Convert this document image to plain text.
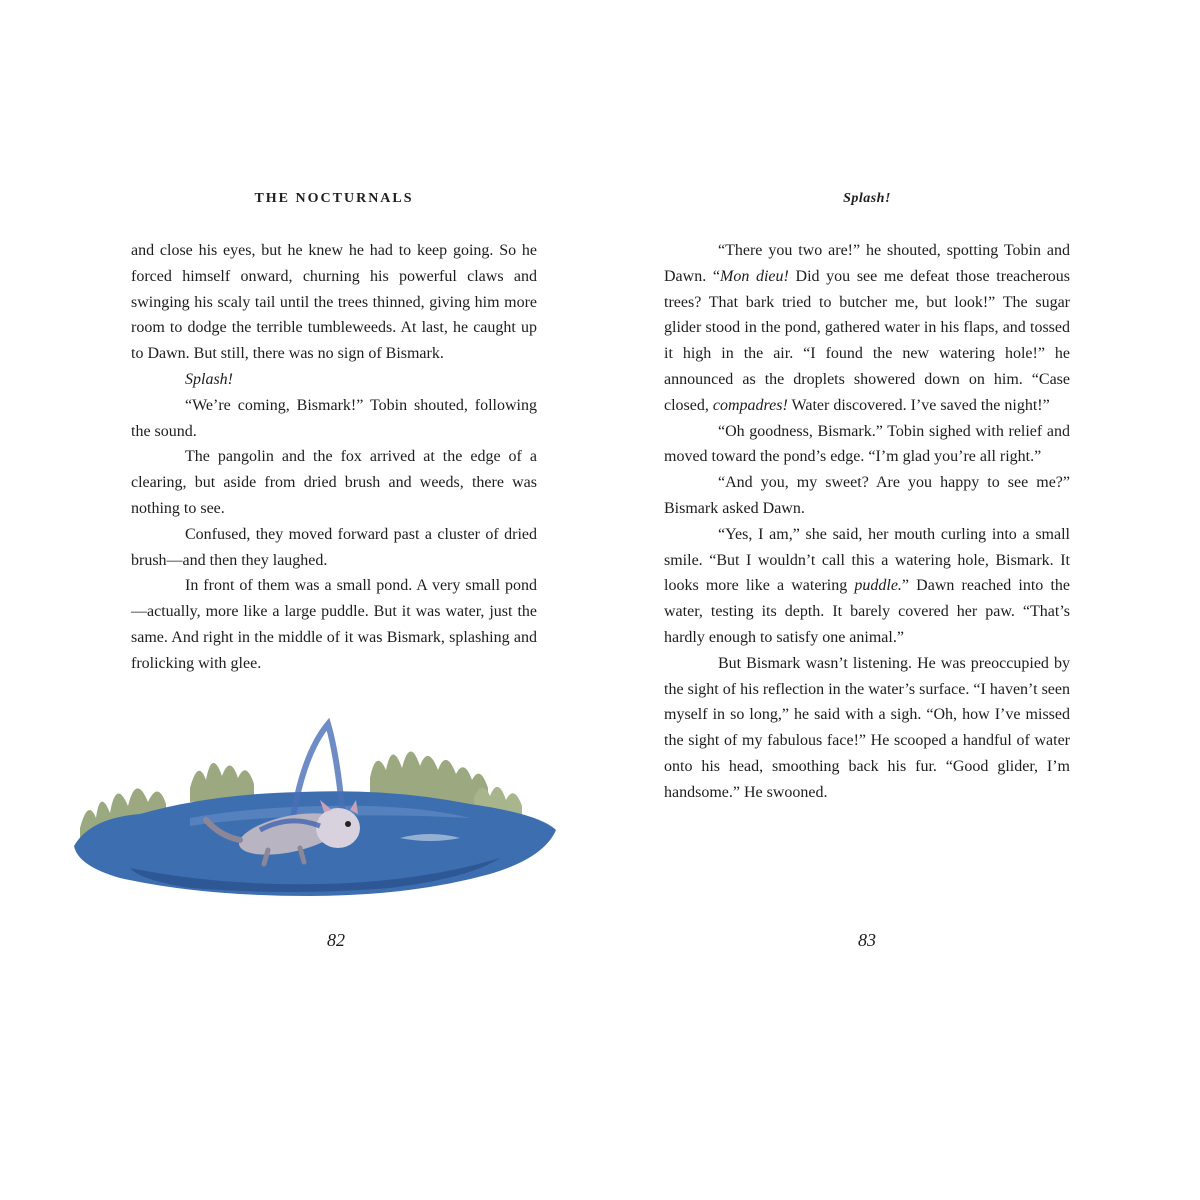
THE NOCTURNALS

and close his eyes, but he knew he had to keep going. So he forced himself onward, churning his powerful claws and swinging his scaly tail until the trees thinned, giving him more room to dodge the terrible tumbleweeds. At last, he caught up to Dawn. But still, there was no sign of Bismark.

Splash!

“We’re coming, Bismark!” Tobin shouted, following the sound.

The pangolin and the fox arrived at the edge of a clearing, but aside from dried brush and weeds, there was nothing to see.

Confused, they moved forward past a cluster of dried brush—and then they laughed.

In front of them was a small pond. A very small pond—actually, more like a large puddle. But it was water, just the same. And right in the middle of it was Bismark, splashing and frolicking with glee.

Splash!

“There you two are!” he shouted, spotting Tobin and Dawn. “Mon dieu! Did you see me defeat those treacherous trees? That bark tried to butcher me, but look!” The sugar glider stood in the pond, gathered water in his flaps, and tossed it high in the air. “I found the new watering hole!” he announced as the droplets showered down on him. “Case closed, compadres! Water discovered. I’ve saved the night!”

“Oh goodness, Bismark.” Tobin sighed with relief and moved toward the pond’s edge. “I’m glad you’re all right.”

“And you, my sweet? Are you happy to see me?” Bismark asked Dawn.

“Yes, I am,” she said, her mouth curling into a small smile. “But I wouldn’t call this a watering hole, Bismark. It looks more like a watering puddle.” Dawn reached into the water, testing its depth. It barely covered her paw. “That’s hardly enough to satisfy one animal.”

But Bismark wasn’t listening. He was preoccupied by the sight of his reflection in the water’s surface. “I haven’t seen myself in so long,” he said with a sigh. “Oh, how I’ve missed the sight of my fabulous face!” He scooped a handful of water onto his head, smoothing back his fur. “Good glider, I’m handsome.” He swooned.

82	83
